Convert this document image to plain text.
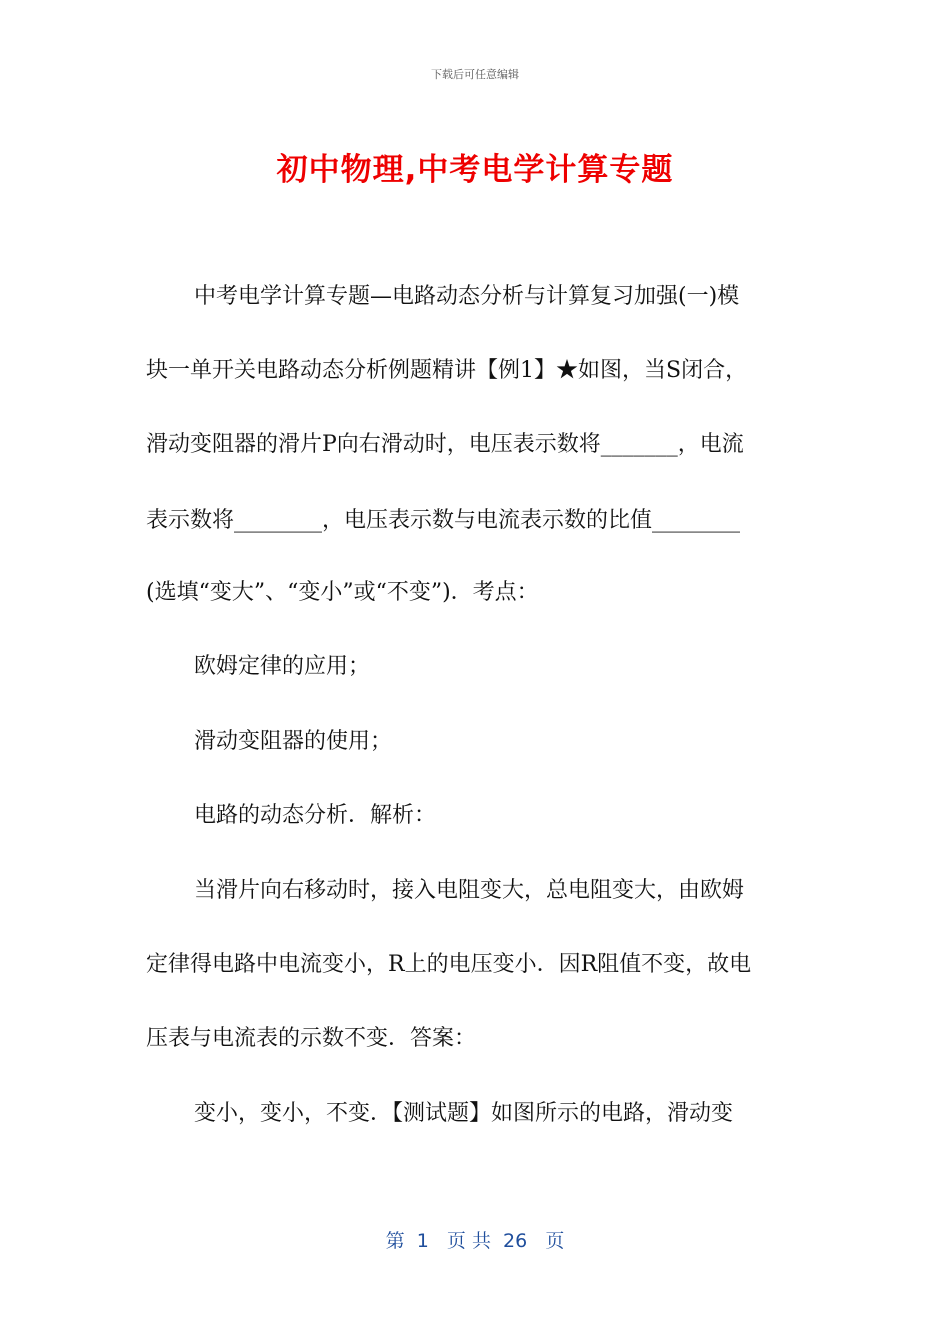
下载后可任意编辑
初中物理,中考电学计算专题
中考电学计算专题—电路动态分析与计算复习加强(一)模
块一单开关电路动态分析例题精讲【例1】★如图，当S闭合，
滑动变阻器的滑片P向右滑动时，电压表示数将_______，电流
表示数将________，电压表示数与电流表示数的比值________
(选填“变大”、“变小”或“不变”)．考点：
欧姆定律的应用；
滑动变阻器的使用；
电路的动态分析．解析：
当滑片向右移动时，接入电阻变大，总电阻变大，由欧姆
定律得电路中电流变小，R上的电压变小．因R阻值不变，故电
压表与电流表的示数不变．答案：
变小，变小，不变．【测试题】如图所示的电路，滑动变
第  1   页 共  26   页
